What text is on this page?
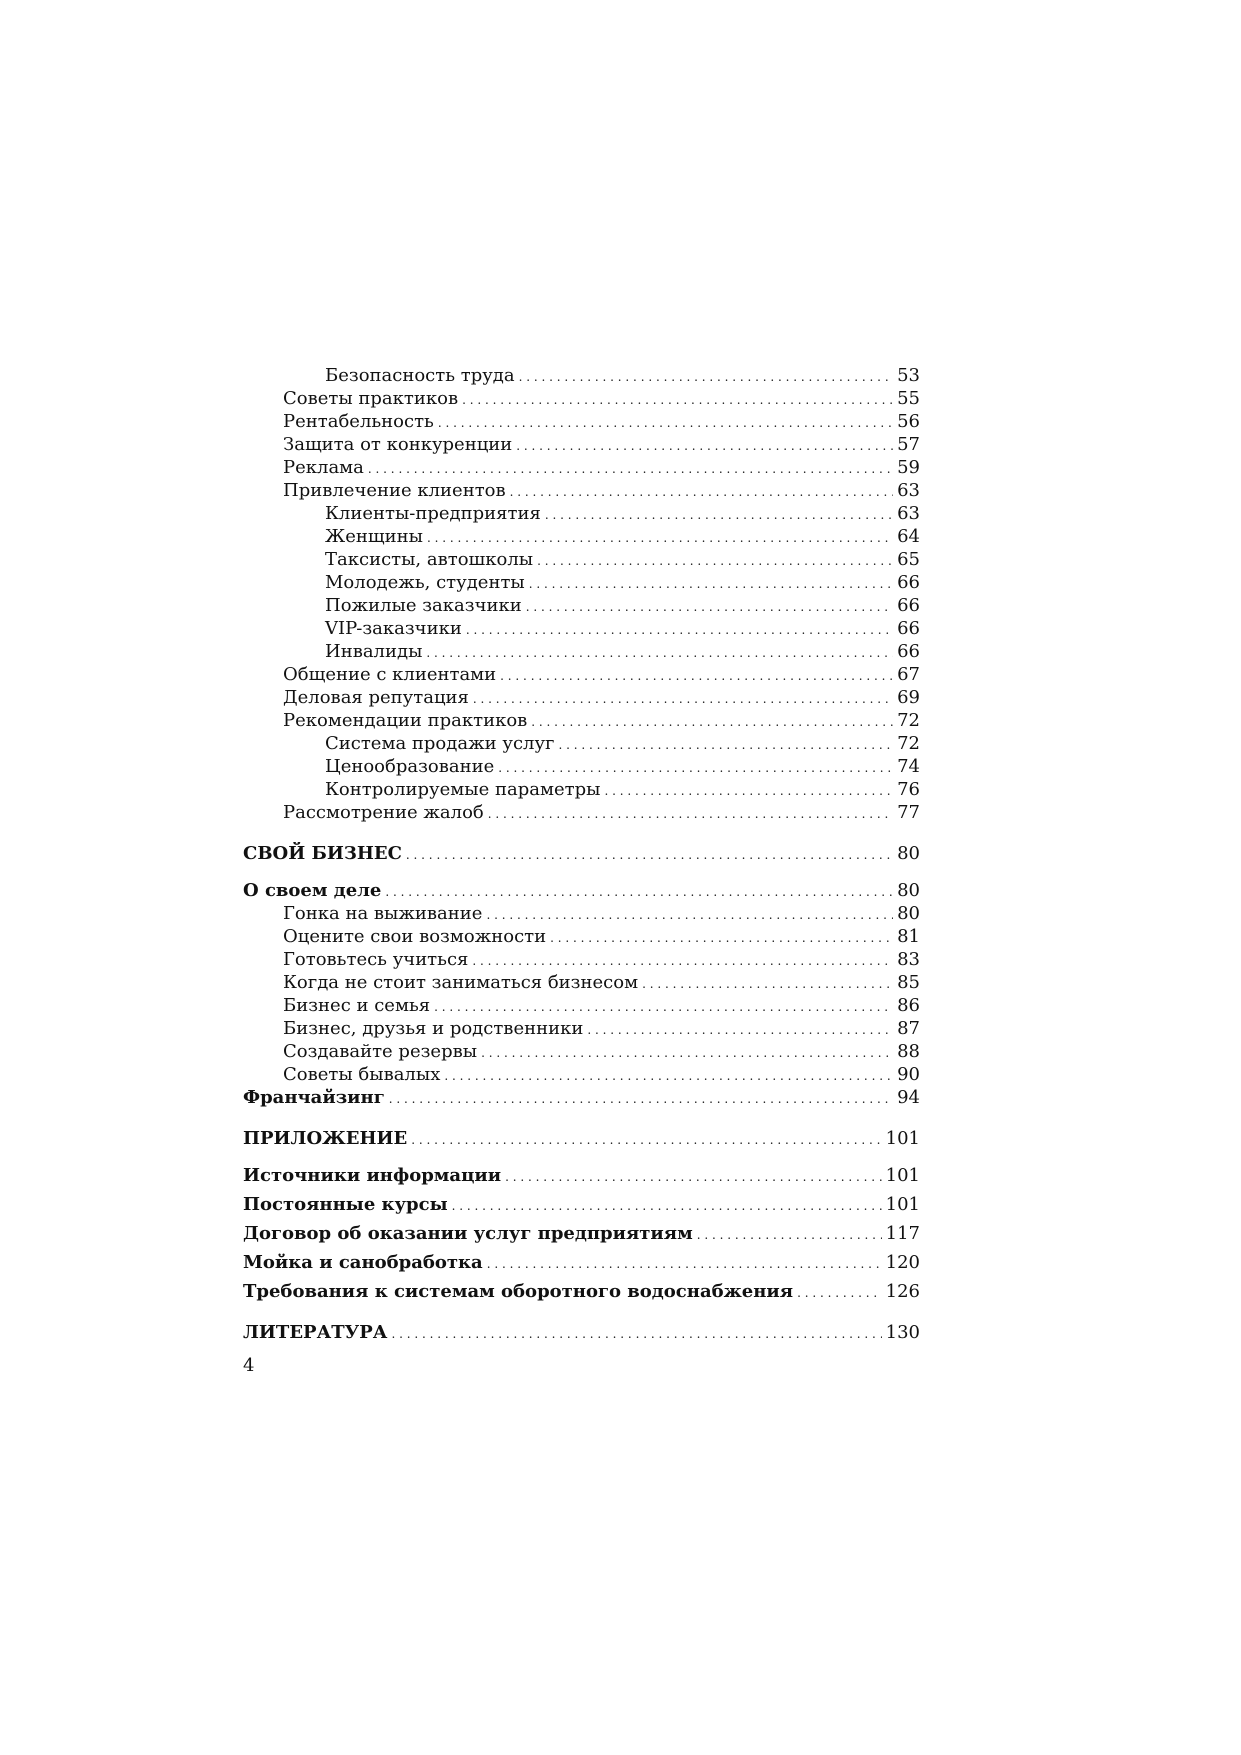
Безопасность труда . . .	53
Советы практиков . . .	55
Рентабельность . . .	56
Защита от конкуренции . . .	57
Реклама . . .	59
Привлечение клиентов . . .	63
Клиенты-предприятия . . .	63
Женщины . . .	64
Таксисты, автошколы . . .	65
Молодежь, студенты . . .	66
Пожилые заказчики . . .	66
VIP-заказчики . . .	66
Инвалиды . . .	66
Общение с клиентами . . .	67
Деловая репутация . . .	69
Рекомендации практиков . . .	72
Система продажи услуг . . .	72
Ценообразование . . .	74
Контролируемые параметры . . .	76
Рассмотрение жалоб . . .	77
СВОЙ БИЗНЕС . . .	80
О своем деле . . .	80
Гонка на выживание . . .	80
Оцените свои возможности . . .	81
Готовьтесь учиться . . .	83
Когда не стоит заниматься бизнесом . . .	85
Бизнес и семья . . .	86
Бизнес, друзья и родственники . . .	87
Создавайте резервы . . .	88
Советы бывалых . . .	90
Франчайзинг . . .	94
ПРИЛОЖЕНИЕ . . .	101
Источники информации . . .	101
Постоянные курсы . . .	101
Договор об оказании услуг предприятиям . . .	117
Мойка и санобработка . . .	120
Требования к системам оборотного водоснабжения . . .	126
ЛИТЕРАТУРА . . .	130
4
